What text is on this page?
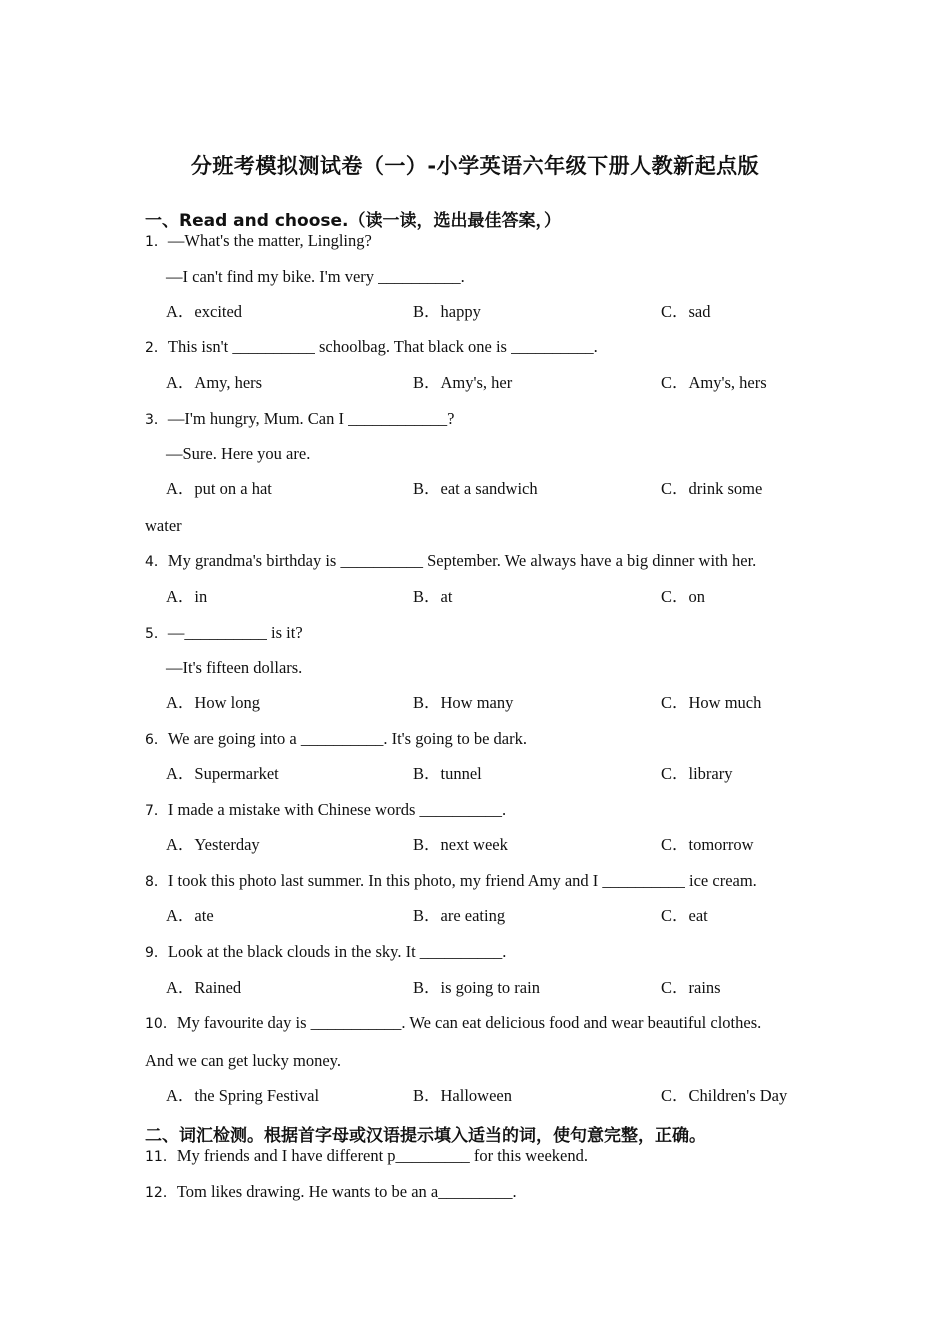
分班考模拟测试卷（一）-小学英语六年级下册人教新起点版
一、Read and choose.（读一读，选出最佳答案，）
1．—What's the matter, Lingling?
—I can't find my bike. I'm very __________.
A．excited	B．happy	C．sad
2．This isn't __________ schoolbag. That black one is __________.
A．Amy, hers	B．Amy's, her	C．Amy's, hers
3．—I'm hungry, Mum. Can I ____________?
—Sure. Here you are.
A．put on a hat	B．eat a sandwich	C．drink some
water
4．My grandma's birthday is __________ September. We always have a big dinner with her.
A．in	B．at	C．on
5．—__________ is it?
—It's fifteen dollars.
A．How long	B．How many	C．How much
6．We are going into a __________. It's going to be dark.
A．Supermarket	B．tunnel	C．library
7．I made a mistake with Chinese words __________.
A．Yesterday	B．next week	C．tomorrow
8．I took this photo last summer. In this photo, my friend Amy and I __________ ice cream.
A．ate	B．are eating	C．eat
9．Look at the black clouds in the sky. It __________.
A．Rained	B．is going to rain	C．rains
10．My favourite day is ___________. We can eat delicious food and wear beautiful clothes.
And we can get lucky money.
A．the Spring Festival	B．Halloween	C．Children's Day
二、词汇检测。根据首字母或汉语提示填入适当的词，使句意完整，正确。
11．My friends and I have different p_________ for this weekend.
12．Tom likes drawing. He wants to be an a_________.
